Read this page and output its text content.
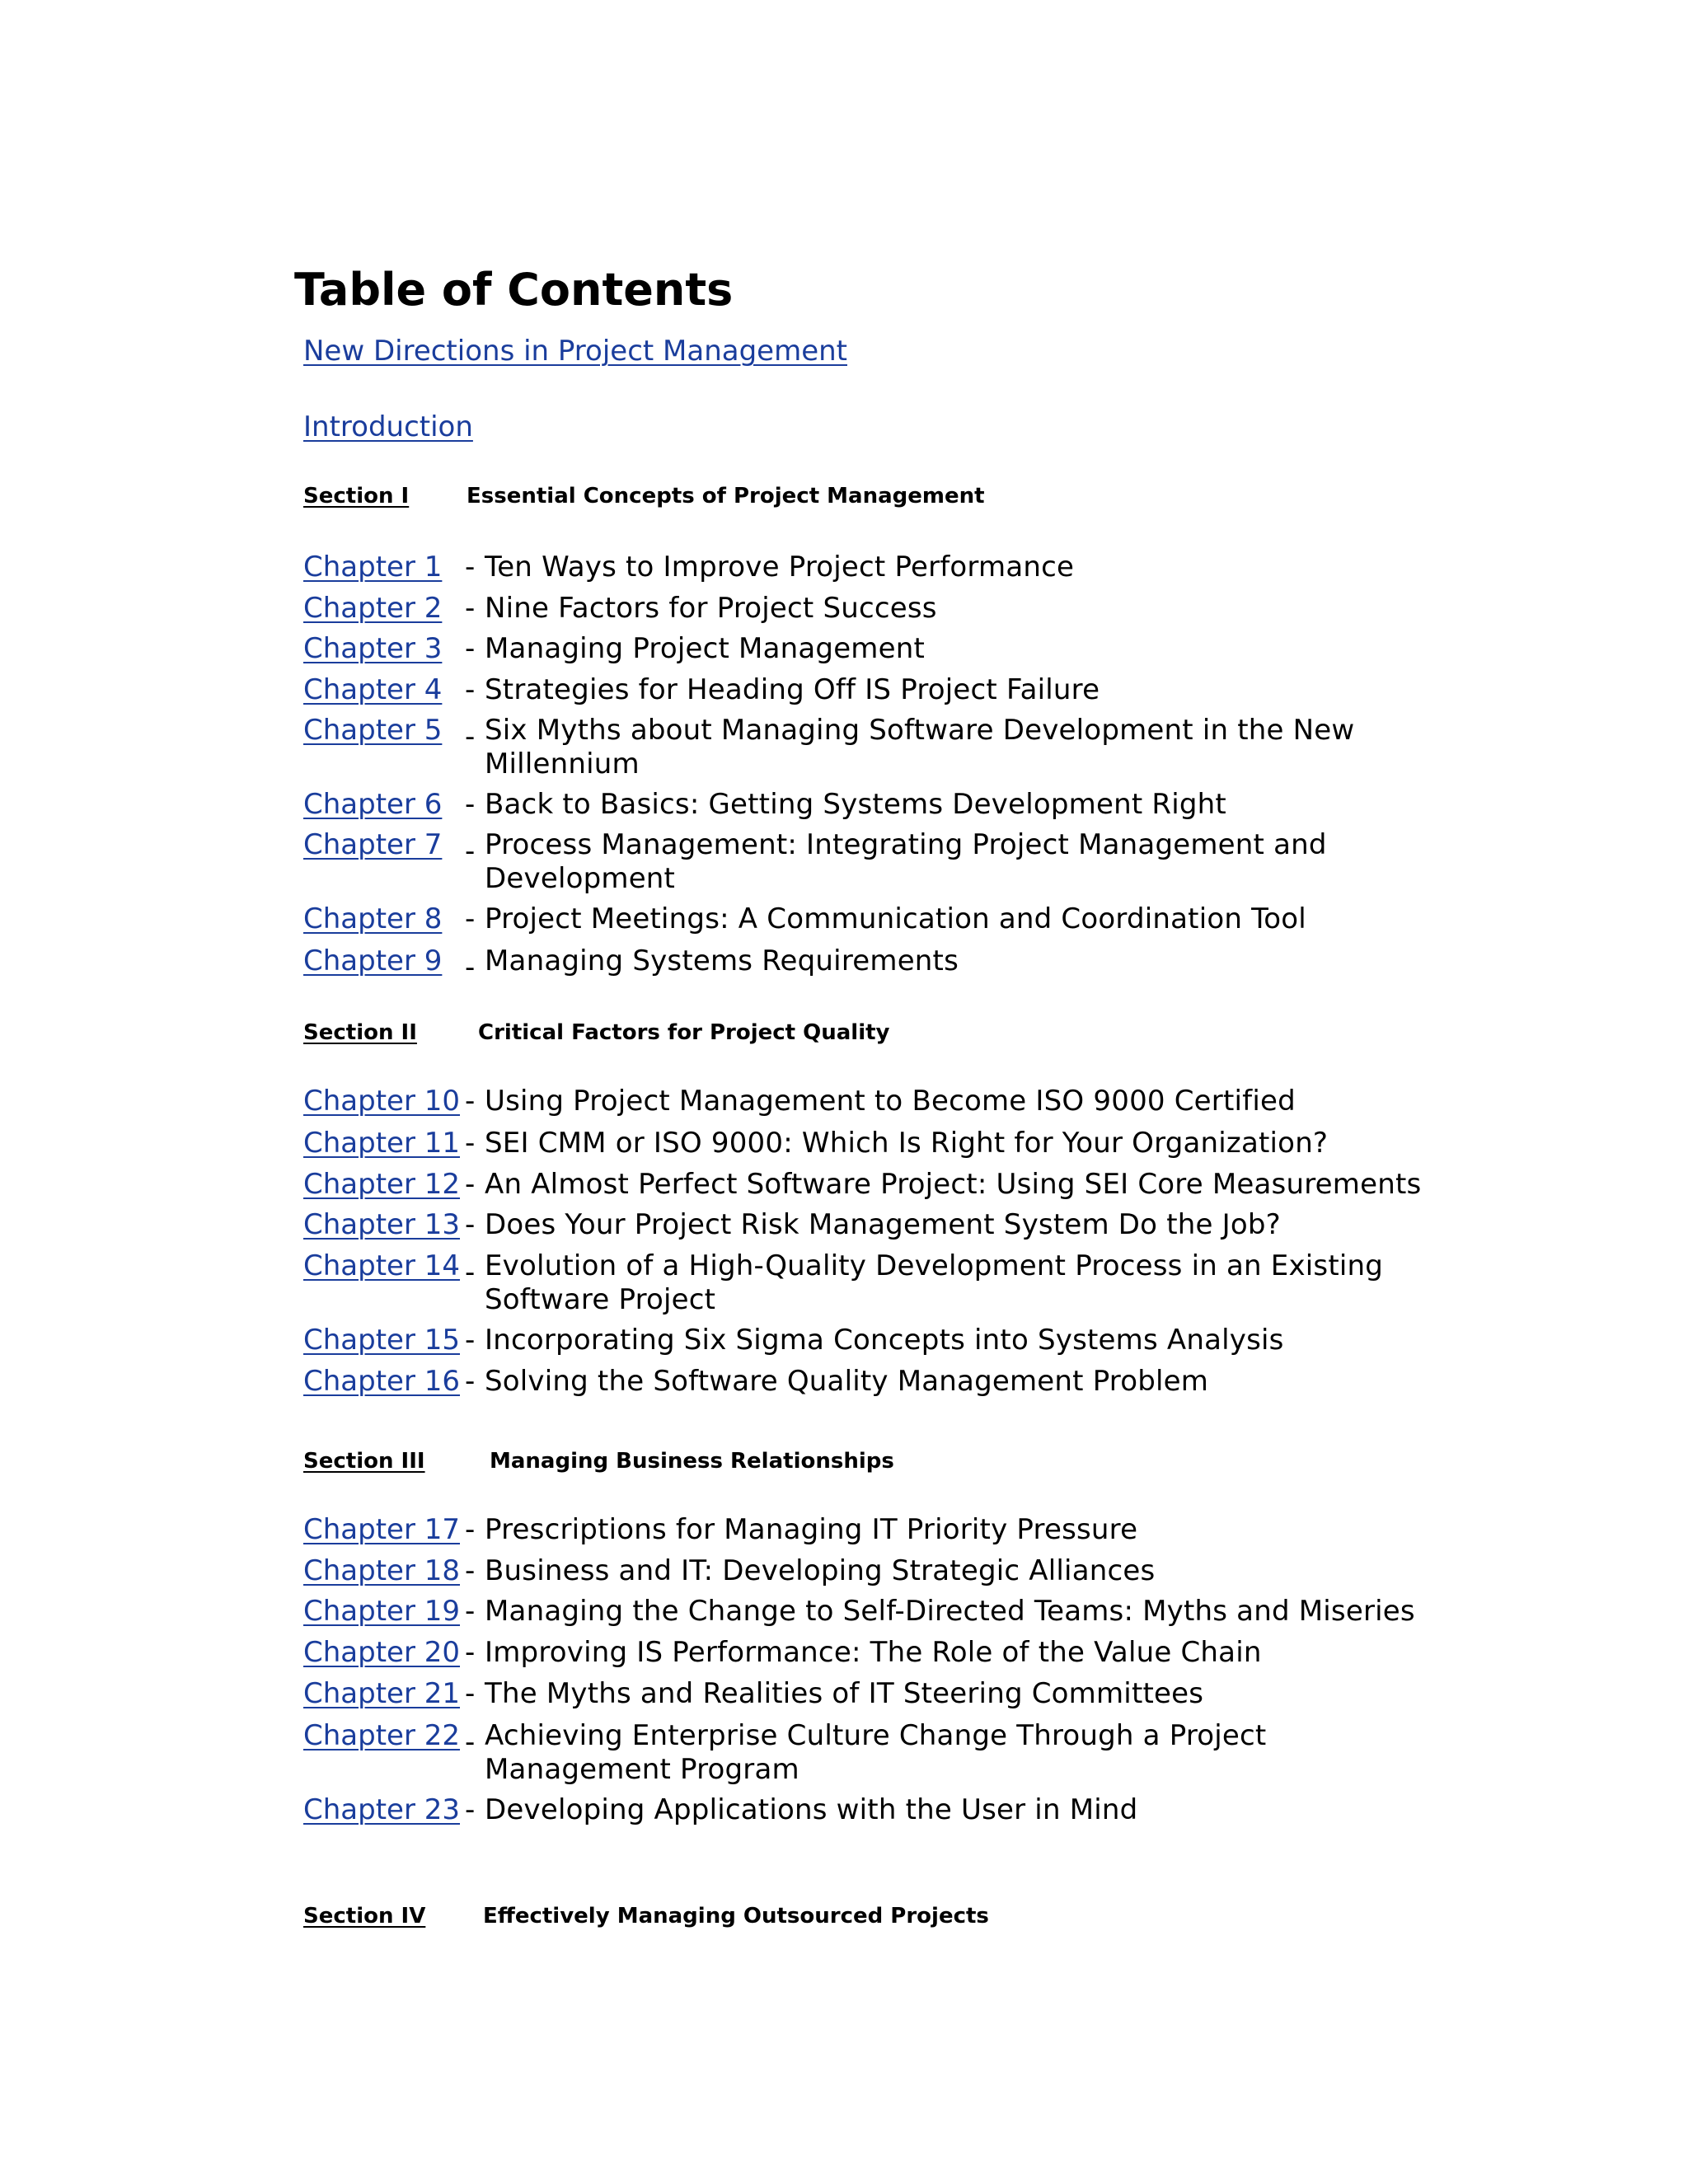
Table of Contents
New Directions in Project Management
Introduction
Section I	Essential Concepts of Project Management
Chapter 1 - Ten Ways to Improve Project Performance
Chapter 2 - Nine Factors for Project Success
Chapter 3 - Managing Project Management
Chapter 4 - Strategies for Heading Off IS Project Failure
Chapter 5 - Six Myths about Managing Software Development in the New Millennium
Chapter 6 - Back to Basics: Getting Systems Development Right
Chapter 7 - Process Management: Integrating Project Management and Development
Chapter 8 - Project Meetings: A Communication and Coordination Tool
Chapter 9 - Managing Systems Requirements
Section II	Critical Factors for Project Quality
Chapter 10 - Using Project Management to Become ISO 9000 Certified
Chapter 11 - SEI CMM or ISO 9000: Which Is Right for Your Organization?
Chapter 12 - An Almost Perfect Software Project: Using SEI Core Measurements
Chapter 13 - Does Your Project Risk Management System Do the Job?
Chapter 14 - Evolution of a High-Quality Development Process in an Existing Software Project
Chapter 15 - Incorporating Six Sigma Concepts into Systems Analysis
Chapter 16 - Solving the Software Quality Management Problem
Section III	Managing Business Relationships
Chapter 17 - Prescriptions for Managing IT Priority Pressure
Chapter 18 - Business and IT: Developing Strategic Alliances
Chapter 19 - Managing the Change to Self-Directed Teams: Myths and Miseries
Chapter 20 - Improving IS Performance: The Role of the Value Chain
Chapter 21 - The Myths and Realities of IT Steering Committees
Chapter 22 - Achieving Enterprise Culture Change Through a Project Management Program
Chapter 23 - Developing Applications with the User in Mind
Section IV	Effectively Managing Outsourced Projects
